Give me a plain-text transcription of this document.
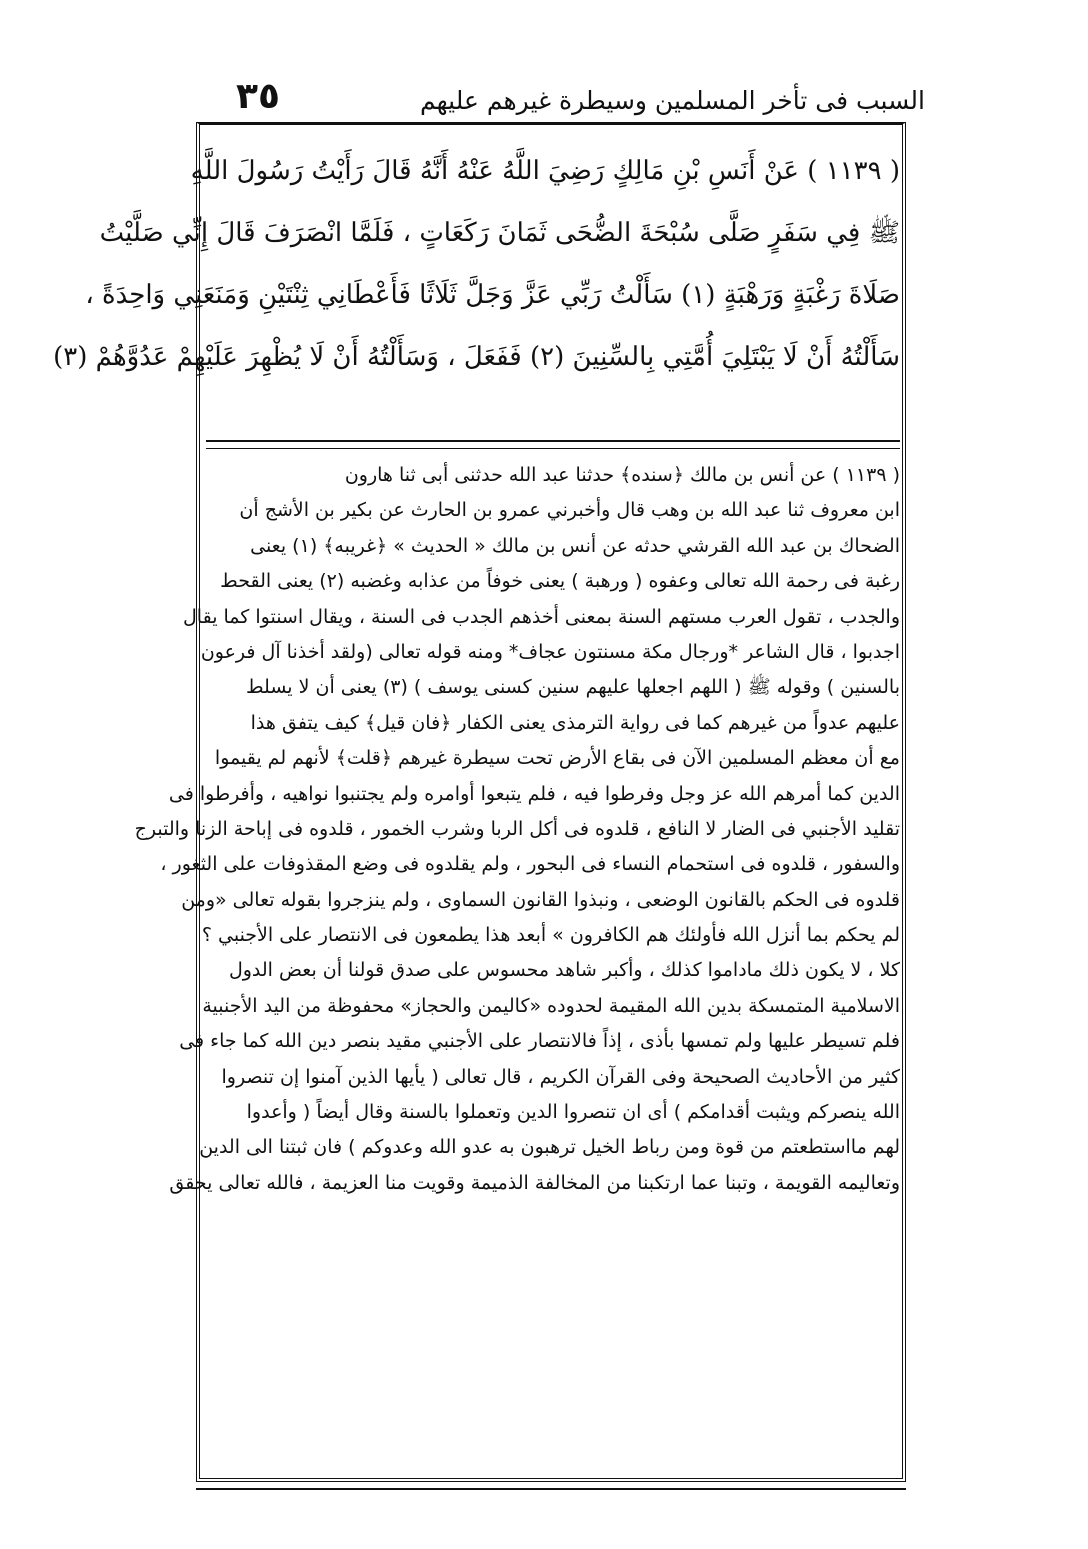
٣٥	السبب فى تأخر المسلمين وسيطرة غيرهم عليهم
( ١١٣٩ ) عَنْ أَنَسِ بْنِ مَالِكٍ رَضِيَ اللَّهُ عَنْهُ أَنَّهُ قَالَ رَأَيْتُ رَسُولَ اللَّهِ
ﷺ فِي سَفَرٍ صَلَّى سُبْحَةَ الضُّحَى ثَمَانَ رَكَعَاتٍ ، فَلَمَّا انْصَرَفَ قَالَ إِنِّي صَلَّيْتُ
صَلَاةَ رَغْبَةٍ وَرَهْبَةٍ (١) سَأَلْتُ رَبِّي عَزَّ وَجَلَّ ثَلَاثًا فَأَعْطَانِي ثِنْتَيْنِ وَمَنَعَنِي وَاحِدَةً ،
سَأَلْتُهُ أَنْ لَا يَبْتَلِيَ أُمَّتِي بِالسِّنِينَ (٢) فَفَعَلَ ، وَسَأَلْتُهُ أَنْ لَا يُظْهِرَ عَلَيْهِمْ عَدُوَّهُمْ (٣)
( ١١٣٩ ) عن أنس بن مالك ﴿سنده﴾ حدثنا عبد الله حدثنى أبى ثنا هارون
ابن معروف ثنا عبد الله بن وهب قال وأخبرني عمرو بن الحارث عن بكير بن الأشج أن
الضحاك بن عبد الله القرشي حدثه عن أنس بن مالك « الحديث » ﴿غريبه﴾ (١) يعنى
رغبة فى رحمة الله تعالى وعفوه ( ورهبة ) يعنى خوفاً من عذابه وغضبه (٢) يعنى القحط
والجدب ، تقول العرب مستهم السنة بمعنى أخذهم الجدب فى السنة ، ويقال اسنتوا كما يقال
اجدبوا ، قال الشاعر *ورجال مكة مسنتون عجاف* ومنه قوله تعالى (ولقد أخذنا آل فرعون
بالسنين ) وقوله ﷺ ( اللهم اجعلها عليهم سنين كسنى يوسف ) (٣) يعنى أن لا يسلط
عليهم عدواً من غيرهم كما فى رواية الترمذى يعنى الكفار ﴿فان قيل﴾ كيف يتفق هذا
مع أن معظم المسلمين الآن فى بقاع الأرض تحت سيطرة غيرهم ﴿قلت﴾ لأنهم لم يقيموا
الدين كما أمرهم الله عز وجل وفرطوا فيه ، فلم يتبعوا أوامره ولم يجتنبوا نواهيه ، وأفرطوا فى
تقليد الأجنبي فى الضار لا النافع ، قلدوه فى أكل الربا وشرب الخمور ، قلدوه فى إباحة الزنا والتبرج
والسفور ، قلدوه فى استحمام النساء فى البحور ، ولم يقلدوه فى وضع المقذوفات على الثغور ،
قلدوه فى الحكم بالقانون الوضعى ، ونبذوا القانون السماوى ، ولم ينزجروا بقوله تعالى «ومن
لم يحكم بما أنزل الله فأولئك هم الكافرون » أبعد هذا يطمعون فى الانتصار على الأجنبي ؟
كلا ، لا يكون ذلك ماداموا كذلك ، وأكبر شاهد محسوس على صدق قولنا أن بعض الدول
الاسلامية المتمسكة بدين الله المقيمة لحدوده «كاليمن والحجاز» محفوظة من اليد الأجنبية
فلم تسيطر عليها ولم تمسها بأذى ، إذاً فالانتصار على الأجنبي مقيد بنصر دين الله كما جاء فى
كثير من الأحاديث الصحيحة وفى القرآن الكريم ، قال تعالى ( يأيها الذين آمنوا إن تنصروا
الله ينصركم ويثبت أقدامكم ) أى ان تنصروا الدين وتعملوا بالسنة وقال أيضاً ( وأعدوا
لهم مااستطعتم من قوة ومن رباط الخيل ترهبون به عدو الله وعدوكم ) فان ثبتنا الى الدين
وتعاليمه القويمة ، وتبنا عما ارتكبنا من المخالفة الذميمة وقويت منا العزيمة ، فالله تعالى يحقق
